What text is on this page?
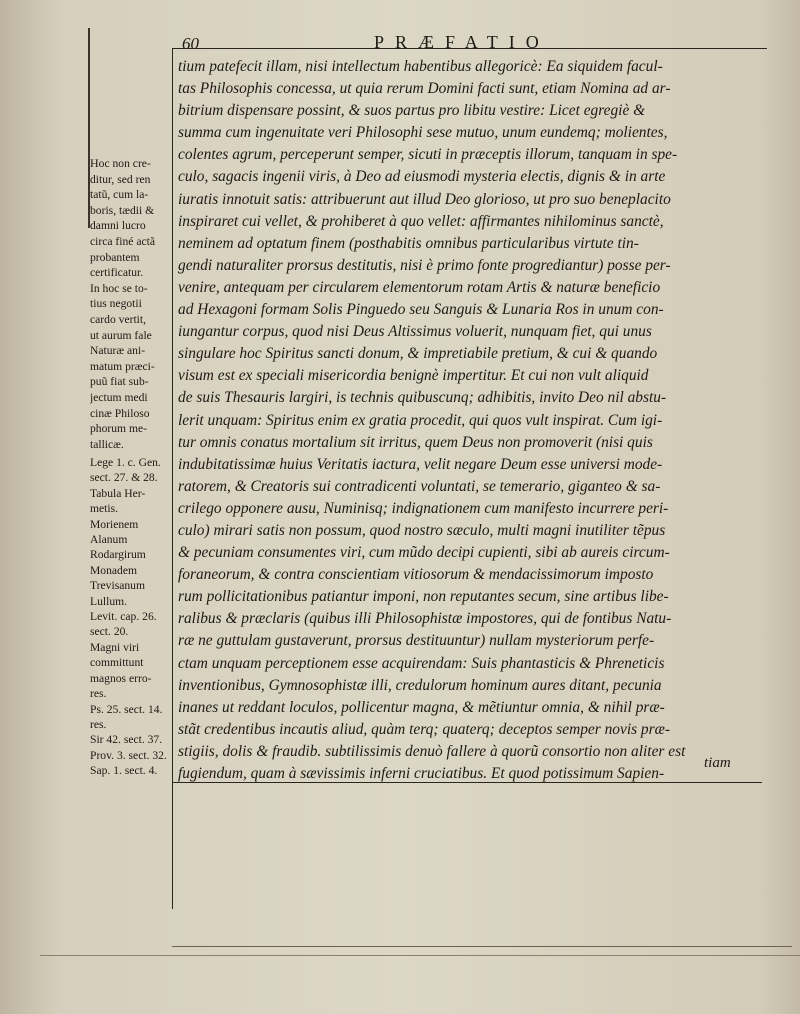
60	PRÆFATIO
tium patefecit illam, nisi intellectum habentibus allegoricè: Ea siquidem facul-
tas Philosophis concessa, ut quia rerum Domini facti sunt, etiam Nomina ad ar-
bitrium dispensare possint, & suos partus pro libitu vestire: Licet egregiè &
summa cum ingenuitate veri Philosophi sese mutuo, unum eundemq; molientes,
colentes agrum, perceperunt semper, sicuti in præceptis illorum, tanquam in spe-
culo, sagacis ingenii viris, à Deo ad eiusmodi mysteria electis, dignis & in arte
iuratis innotuit satis: attribuerunt aut illud Deo glorioso, ut pro suo beneplacito
inspiraret cui vellet, & prohiberet à quo vellet: affirmantes nihilominus sanctè,
neminem ad optatum finem (posthabitis omnibus particularibus virtute tin-
gendi naturaliter prorsus destitutis, nisi è primo fonte progrediantur) posse per-
venire, antequam per circularem elementorum rotam Artis & naturæ beneficio
ad Hexagoni formam Solis Pinguedo seu Sanguis & Lunaria Ros in unum con-
iungantur corpus, quod nisi Deus Altissimus voluerit, nunquam fiet, qui unus
singulare hoc Spiritus sancti donum, & impretiabile pretium, & cui & quando
visum est ex speciali misericordia benignè impertitur. Et cui non vult aliquid
de suis Thesauris largiri, is technis quibuscunq; adhibitis, invito Deo nil abstu-
lerit unquam: Spiritus enim ex gratia procedit, qui quos vult inspirat. Cum igi-
tur omnis conatus mortalium sit irritus, quem Deus non promoverit (nisi quis
indubitatissimæ huius Veritatis iactura, velit negare Deum esse universi mode-
ratorem, & Creatoris sui contradicenti voluntati, se temerario, giganteo & sa-
crilego opponere ausu, Numinisq; indignationem cum manifesto incurrere peri-
culo) mirari satis non possum, quod nostro sæculo, multi magni inutiliter tẽpus
& pecuniam consumentes viri, cum mũdo decipi cupienti, sibi ab aureis circum-
foraneorum, & contra conscientiam vitiosorum & mendacissimorum imposto
rum pollicitationibus patiantur imponi, non reputantes secum, sine artibus libe-
ralibus & præclaris (quibus illi Philosophistæ impostores, qui de fontibus Natu-
ræ ne guttulam gustaverunt, prorsus destituuntur) nullam mysteriorum perfe-
ctam unquam perceptionem esse acquirendam: Suis phantasticis & Phreneticis
inventionibus, Gymnosophistæ illi, credulorum hominum aures ditant, pecunia
inanes ut reddant loculos, pollicentur magna, & mẽtiuntur omnia, & nihil præ-
stãt credentibus incautis aliud, quàm terq; quaterq; deceptos semper novis præ-
stigiis, dolis & fraudib. subtilissimis denuò fallere à quorũ consortio non aliter est
fugiendum, quam à sævissimis inferni cruciatibus. Et quod potissimum Sapien-
tiam
Hoc non cre-
ditur, sed ren
tatũ, cum la-
boris, tædii &
damni lucro
circa finé actã
probantem
certificatur.
In hoc se to-
tius negotii
cardo vertit,
ut aurum fale
Naturæ ani-
matum præci-
puũ fiat sub-
jectum medi
cinæ Philoso
phorum me-
tallicæ.
Lege 1. c. Gen.
sect. 27. & 28.
Tabula Her-
metis.
Morienem
Alanum
Rodargirum
Monadem
Trevisanum
Lullum.
Levit. cap. 26.
sect. 20.
Magni viri
committunt
magnos erro-
res.
Ps. 25. sect. 14.
res.
Sir 42. sect. 37.
Prov. 3. sect. 32.
Sap. 1. sect. 4.
